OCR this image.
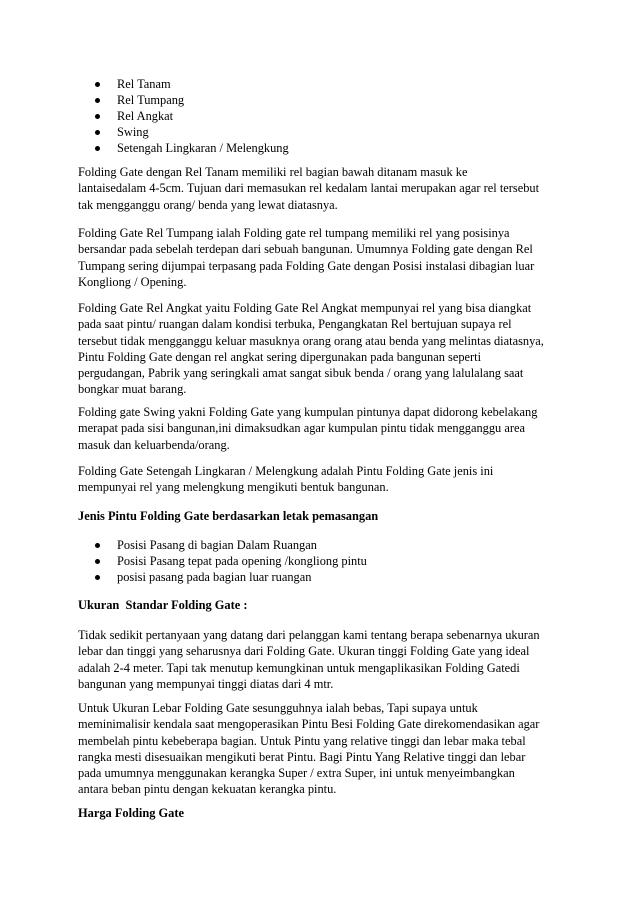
Rel Tanam
Rel Tumpang
Rel Angkat
Swing
Setengah Lingkaran / Melengkung
Folding Gate dengan Rel Tanam memiliki rel bagian bawah ditanam masuk ke
lantaisedalam 4-5cm. Tujuan dari memasukan rel kedalam lantai merupakan agar rel tersebut
tak mengganggu orang/ benda yang lewat diatasnya.
Folding Gate Rel Tumpang ialah Folding gate rel tumpang memiliki rel yang posisinya
bersandar pada sebelah terdepan dari sebuah bangunan. Umumnya Folding gate dengan Rel
Tumpang sering dijumpai terpasang pada Folding Gate dengan Posisi instalasi dibagian luar
Kongliong / Opening.
Folding Gate Rel Angkat yaitu Folding Gate Rel Angkat mempunyai rel yang bisa diangkat
pada saat pintu/ ruangan dalam kondisi terbuka, Pengangkatan Rel bertujuan supaya rel
tersebut tidak mengganggu keluar masuknya orang orang atau benda yang melintas diatasnya,
Pintu Folding Gate dengan rel angkat sering dipergunakan pada bangunan seperti
pergudangan, Pabrik yang seringkali amat sangat sibuk benda / orang yang lalulalang saat
bongkar muat barang.
Folding gate Swing yakni Folding Gate yang kumpulan pintunya dapat didorong kebelakang
merapat pada sisi bangunan,ini dimaksudkan agar kumpulan pintu tidak mengganggu area
masuk dan keluarbenda/orang.
Folding Gate Setengah Lingkaran / Melengkung adalah Pintu Folding Gate jenis ini
mempunyai rel yang melengkung mengikuti bentuk bangunan.
Jenis Pintu Folding Gate berdasarkan letak pemasangan
Posisi Pasang di bagian Dalam Ruangan
Posisi Pasang tepat pada opening /kongliong pintu
posisi pasang pada bagian luar ruangan
Ukuran  Standar Folding Gate :
Tidak sedikit pertanyaan yang datang dari pelanggan kami tentang berapa sebenarnya ukuran
lebar dan tinggi yang seharusnya dari Folding Gate. Ukuran tinggi Folding Gate yang ideal
adalah 2-4 meter. Tapi tak menutup kemungkinan untuk mengaplikasikan Folding Gatedi
bangunan yang mempunyai tinggi diatas dari 4 mtr.
Untuk Ukuran Lebar Folding Gate sesungguhnya ialah bebas, Tapi supaya untuk
meminimalisir kendala saat mengoperasikan Pintu Besi Folding Gate direkomendasikan agar
membelah pintu kebeberapa bagian. Untuk Pintu yang relative tinggi dan lebar maka tebal
rangka mesti disesuaikan mengikuti berat Pintu. Bagi Pintu Yang Relative tinggi dan lebar
pada umumnya menggunakan kerangka Super / extra Super, ini untuk menyeimbangkan
antara beban pintu dengan kekuatan kerangka pintu.
Harga Folding Gate
